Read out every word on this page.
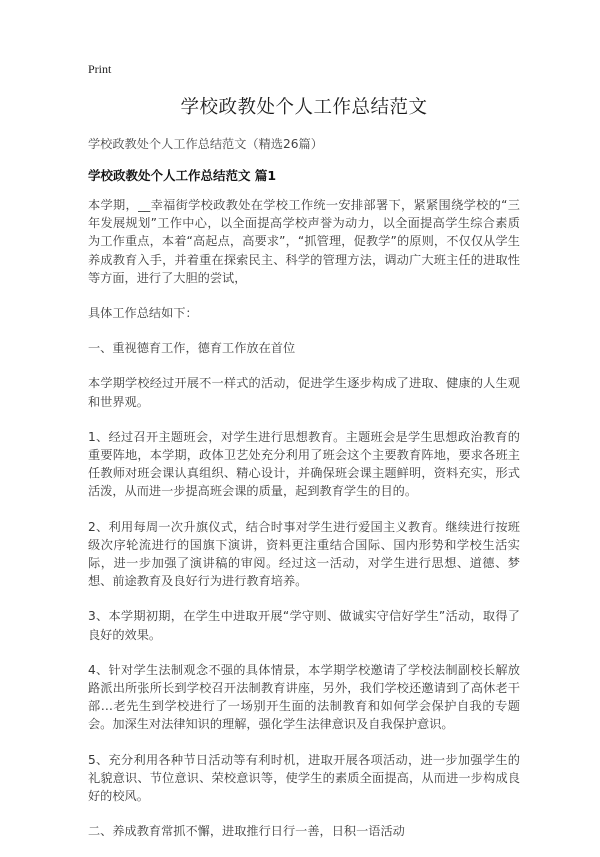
Print
学校政教处个人工作总结范文
学校政教处个人工作总结范文（精选26篇）
学校政教处个人工作总结范文 篇1

本学期，__幸福街学校政教处在学校工作统一安排部署下，紧紧围绕学校的“三年发展规划”工作中心，以全面提高学校声誉为动力，以全面提高学生综合素质为工作重点，本着“高起点，高要求”，“抓管理，促教学”的原则，不仅仅从学生养成教育入手，并着重在探索民主、科学的管理方法，调动广大班主任的进取性等方面，进行了大胆的尝试，

具体工作总结如下：

一、重视德育工作，德育工作放在首位

本学期学校经过开展不一样式的活动，促进学生逐步构成了进取、健康的人生观和世界观。

1、经过召开主题班会，对学生进行思想教育。主题班会是学生思想政治教育的重要阵地，本学期，政体卫艺处充分利用了班会这个主要教育阵地，要求各班主任教师对班会课认真组织、精心设计，并确保班会课主题鲜明，资料充实，形式活泼，从而进一步提高班会课的质量，起到教育学生的目的。

2、利用每周一次升旗仪式，结合时事对学生进行爱国主义教育。继续进行按班级次序轮流进行的国旗下演讲，资料更注重结合国际、国内形势和学校生活实际，进一步加强了演讲稿的审阅。经过这一活动，对学生进行思想、道德、梦想、前途教育及良好行为进行教育培养。

3、本学期初期，在学生中进取开展“学守则、做诚实守信好学生”活动，取得了良好的效果。

4、针对学生法制观念不强的具体情景，本学期学校邀请了学校法制副校长解放路派出所张所长到学校召开法制教育讲座，另外，我们学校还邀请到了高休老干部…老先生到学校进行了一场别开生面的法制教育和如何学会保护自我的专题会。加深生对法律知识的理解，强化学生法律意识及自我保护意识。

5、充分利用各种节日活动等有利时机，进取开展各项活动，进一步加强学生的礼貌意识、节位意识、荣校意识等，使学生的素质全面提高，从而进一步构成良好的校风。

二、养成教育常抓不懈，进取推行日行一善，日积一语活动
